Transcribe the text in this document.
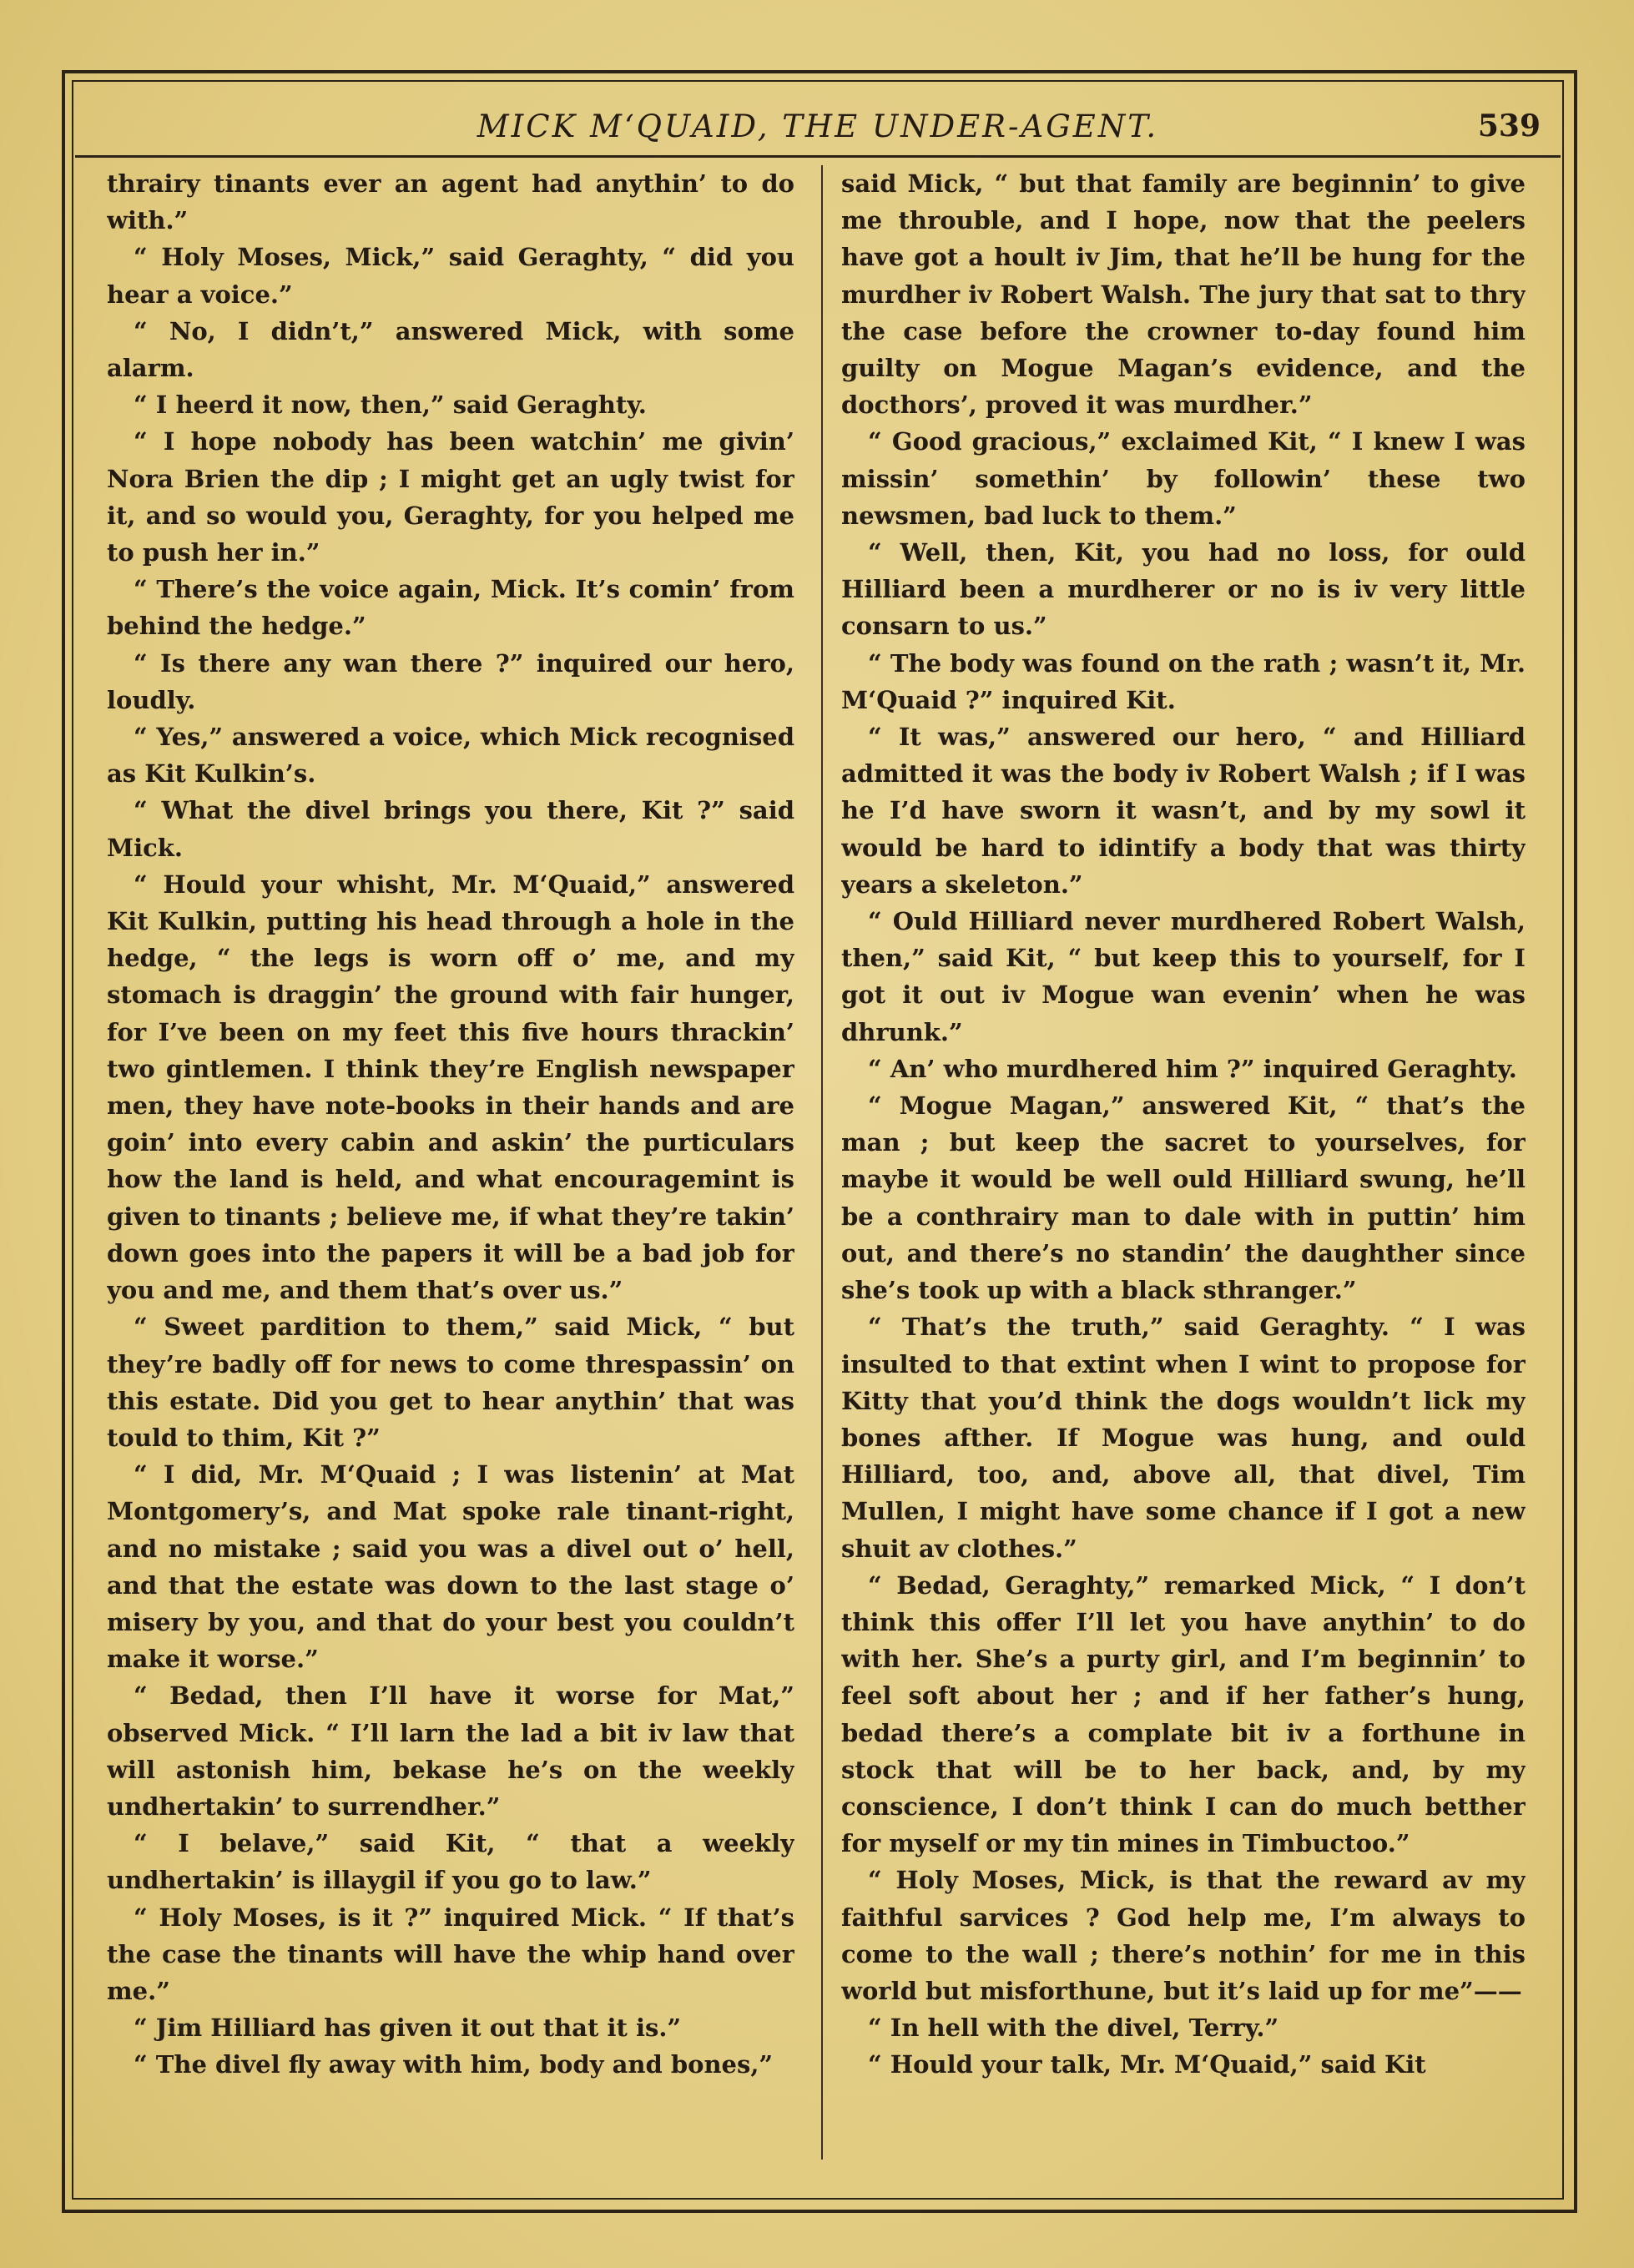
MICK M‘QUAID, THE UNDER-AGENT.	539

thrairy tinants ever an agent had anythin’ to do with.”

“ Holy Moses, Mick,” said Geraghty, “ did you hear a voice.”

“ No, I didn’t,” answered Mick, with some alarm.

“ I heerd it now, then,” said Geraghty.

“ I hope nobody has been watchin’ me givin’ Nora Brien the dip ; I might get an ugly twist for it, and so would you, Geraghty, for you helped me to push her in.”

“ There’s the voice again, Mick. It’s comin’ from behind the hedge.”

“ Is there any wan there ?” inquired our hero, loudly.

“ Yes,” answered a voice, which Mick recognised as Kit Kulkin’s.

“ What the divel brings you there, Kit ?” said Mick.

“ Hould your whisht, Mr. M‘Quaid,” answered Kit Kulkin, putting his head through a hole in the hedge, “ the legs is worn off o’ me, and my stomach is draggin’ the ground with fair hunger, for I’ve been on my feet this five hours thrackin’ two gintlemen. I think they’re English newspaper men, they have note-books in their hands and are goin’ into every cabin and askin’ the purticulars how the land is held, and what encouragemint is given to tinants ; believe me, if what they’re takin’ down goes into the papers it will be a bad job for you and me, and them that’s over us.”

“ Sweet pardition to them,” said Mick, “ but they’re badly off for news to come threspassin’ on this estate. Did you get to hear anythin’ that was tould to thim, Kit ?”

“ I did, Mr. M‘Quaid ; I was listenin’ at Mat Montgomery’s, and Mat spoke rale tinant-right, and no mistake ; said you was a divel out o’ hell, and that the estate was down to the last stage o’ misery by you, and that do your best you couldn’t make it worse.”

“ Bedad, then I’ll have it worse for Mat,” observed Mick. “ I’ll larn the lad a bit iv law that will astonish him, bekase he’s on the weekly undhertakin’ to surrendher.”

“ I belave,” said Kit, “ that a weekly undhertakin’ is illaygil if you go to law.”

“ Holy Moses, is it ?” inquired Mick. “ If that’s the case the tinants will have the whip hand over me.”

“ Jim Hilliard has given it out that it is.”

“ The divel fly away with him, body and bones,”

said Mick, “ but that family are beginnin’ to give me throuble, and I hope, now that the peelers have got a hoult iv Jim, that he’ll be hung for the murdher iv Robert Walsh. The jury that sat to thry the case before the crowner to-day found him guilty on Mogue Magan’s evidence, and the docthors’, proved it was murdher.”

“ Good gracious,” exclaimed Kit, “ I knew I was missin’ somethin’ by followin’ these two newsmen, bad luck to them.”

“ Well, then, Kit, you had no loss, for ould Hilliard been a murdherer or no is iv very little consarn to us.”

“ The body was found on the rath ; wasn’t it, Mr. M‘Quaid ?” inquired Kit.

“ It was,” answered our hero, “ and Hilliard admitted it was the body iv Robert Walsh ; if I was he I’d have sworn it wasn’t, and by my sowl it would be hard to idintify a body that was thirty years a skeleton.”

“ Ould Hilliard never murdhered Robert Walsh, then,” said Kit, “ but keep this to yourself, for I got it out iv Mogue wan evenin’ when he was dhrunk.”

“ An’ who murdhered him ?” inquired Geraghty.

“ Mogue Magan,” answered Kit, “ that’s the man ; but keep the sacret to yourselves, for maybe it would be well ould Hilliard swung, he’ll be a conthrairy man to dale with in puttin’ him out, and there’s no standin’ the daughther since she’s took up with a black sthranger.”

“ That’s the truth,” said Geraghty. “ I was insulted to that extint when I wint to propose for Kitty that you’d think the dogs wouldn’t lick my bones afther. If Mogue was hung, and ould Hilliard, too, and, above all, that divel, Tim Mullen, I might have some chance if I got a new shuit av clothes.”

“ Bedad, Geraghty,” remarked Mick, “ I don’t think this offer I’ll let you have anythin’ to do with her. She’s a purty girl, and I’m beginnin’ to feel soft about her ; and if her father’s hung, bedad there’s a complate bit iv a forthune in stock that will be to her back, and, by my conscience, I don’t think I can do much betther for myself or my tin mines in Timbuctoo.”

“ Holy Moses, Mick, is that the reward av my faithful sarvices ? God help me, I’m always to come to the wall ; there’s nothin’ for me in this world but misforthune, but it’s laid up for me”——

“ In hell with the divel, Terry.”

“ Hould your talk, Mr. M‘Quaid,” said Kit
